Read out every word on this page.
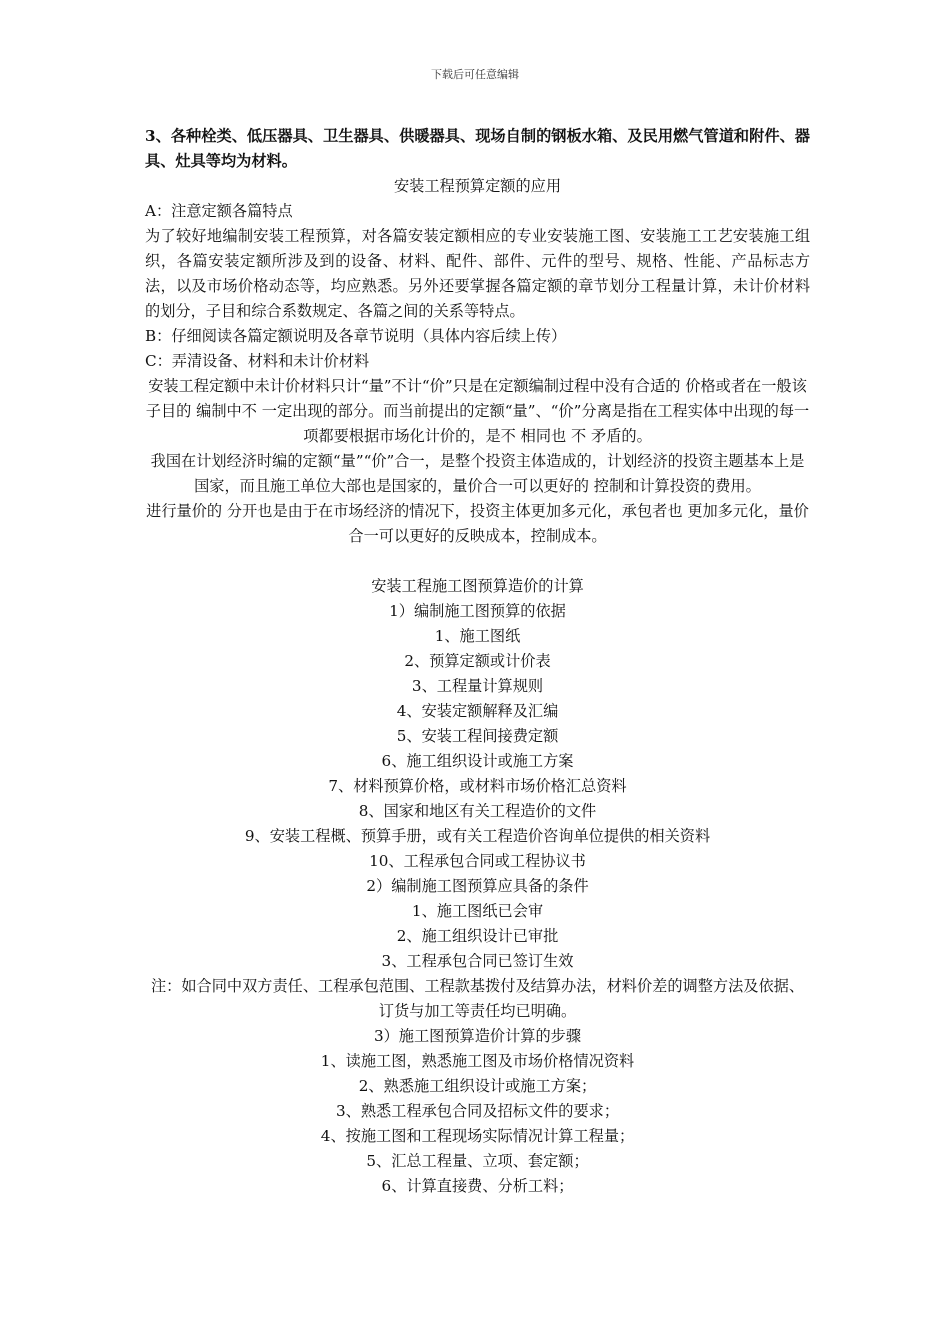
下载后可任意编辑

3、各种栓类、低压器具、卫生器具、供暖器具、现场自制的钢板水箱、及民用燃气管道和附件、器具、灶具等均为材料。

安装工程预算定额的应用

A：注意定额各篇特点

为了较好地编制安装工程预算，对各篇安装定额相应的专业安装施工图、安装施工工艺安装施工组织，各篇安装定额所涉及到的设备、材料、配件、部件、元件的型号、规格、性能、产品标志方法，以及市场价格动态等，均应熟悉。另外还要掌握各篇定额的章节划分工程量计算，未计价材料的划分，子目和综合系数规定、各篇之间的关系等特点。

B：仔细阅读各篇定额说明及各章节说明（具体内容后续上传）

C：弄清设备、材料和未计价材料

安装工程定额中未计价材料只计“量”不计“价”只是在定额编制过程中没有合适的 价格或者在一般该子目的 编制中不 一定出现的部分。而当前提出的定额“量”、“价”分离是指在工程实体中出现的每一项都要根据市场化计价的，是不 相同也 不 矛盾的。

我国在计划经济时编的定额“量”“价”合一，是整个投资主体造成的，计划经济的投资主题基本上是国家，而且施工单位大部也是国家的，量价合一可以更好的 控制和计算投资的费用。

进行量价的 分开也是由于在市场经济的情况下，投资主体更加多元化，承包者也 更加多元化，量价合一可以更好的反映成本，控制成本。

安装工程施工图预算造价的计算

1）编制施工图预算的依据

1、施工图纸

2、预算定额或计价表

3、工程量计算规则

4、安装定额解释及汇编

5、安装工程间接费定额

6、施工组织设计或施工方案

7、材料预算价格，或材料市场价格汇总资料

8、国家和地区有关工程造价的文件

9、安装工程概、预算手册，或有关工程造价咨询单位提供的相关资料

10、工程承包合同或工程协议书

2）编制施工图预算应具备的条件

1、施工图纸已会审

2、施工组织设计已审批

3、工程承包合同已签订生效

注：如合同中双方责任、工程承包范围、工程款基拨付及结算办法，材料价差的调整方法及依据、订货与加工等责任均已明确。

3）施工图预算造价计算的步骤

1、读施工图，熟悉施工图及市场价格情况资料

2、熟悉施工组织设计或施工方案；

3、熟悉工程承包合同及招标文件的要求；

4、按施工图和工程现场实际情况计算工程量；

5、汇总工程量、立项、套定额；

6、计算直接费、分析工料；
